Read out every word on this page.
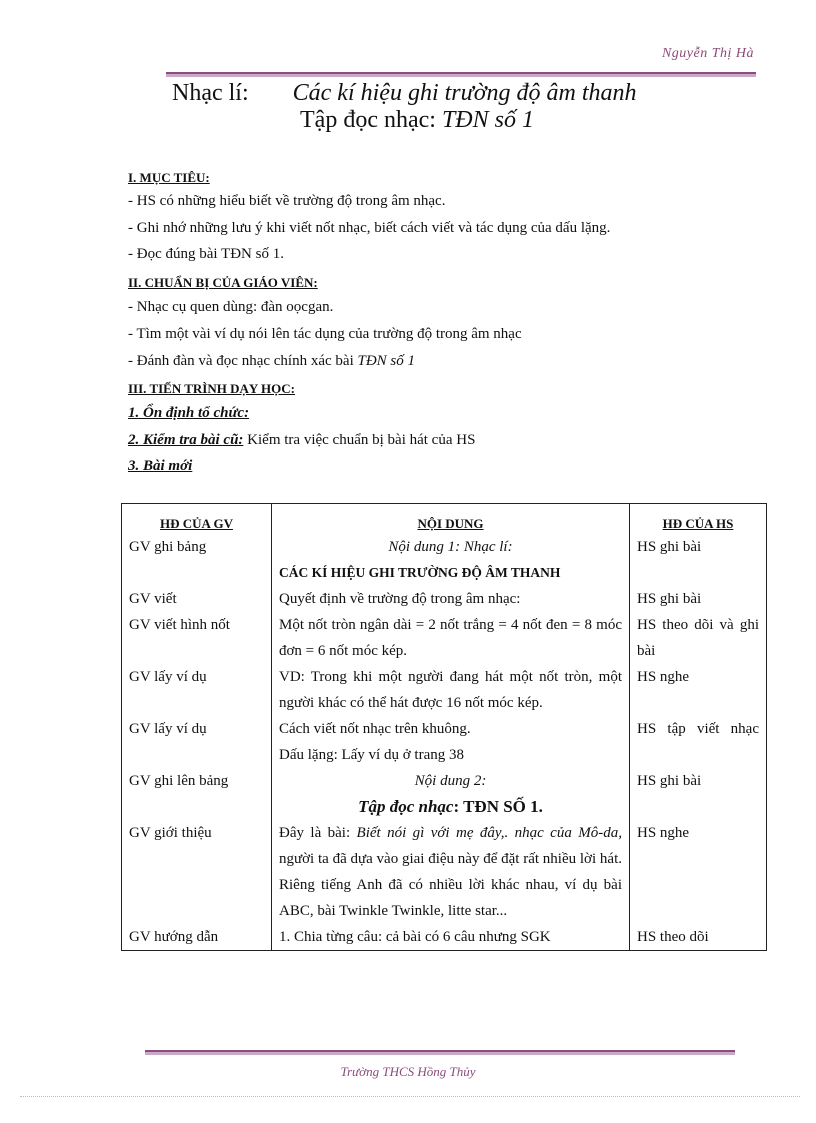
Nguyễn Thị Hà
Nhạc lí: Các kí hiệu ghi trường độ âm thanh
Tập đọc nhạc: TĐN số 1
I. MỤC TIÊU:
- HS có những hiểu biết về trường độ trong âm nhạc.
- Ghi nhớ những lưu ý khi viết nốt nhạc, biết cách viết và tác dụng của dấu lặng.
- Đọc đúng bài TĐN số 1.
II. CHUẨN BỊ CỦA GIÁO VIÊN:
- Nhạc cụ quen dùng: đàn oọcgan.
- Tìm một vài ví dụ nói lên tác dụng của trường độ trong âm nhạc
- Đánh đàn và đọc nhạc chính xác bài TĐN số 1
III. TIẾN TRÌNH DẠY HỌC:
1. Ổn định tổ chức:
2. Kiểm tra bài cũ: Kiểm tra việc chuẩn bị bài hát của HS
3. Bài mới
HĐ CỦA GV	NỘI DUNG	HĐ CỦA HS
GV ghi bảng	Nội dung 1: Nhạc lí:	HS ghi bài
	CÁC KÍ HIỆU GHI TRƯỜNG ĐỘ ÂM THANH	
GV viết	Quyết định về trường độ trong âm nhạc:	HS ghi bài
GV viết hình nốt	Một nốt tròn ngân dài = 2 nốt trắng = 4 nốt đen = 8 móc đơn = 6 nốt móc kép.	HS theo dõi và ghi bài
GV lấy ví dụ	VD: Trong khi một người đang hát một nốt tròn, một người khác có thể hát được 16 nốt móc kép.	HS nghe
GV lấy ví dụ	Cách viết nốt nhạc trên khuông.	HS tập viết nhạc
	Dấu lặng: Lấy ví dụ ở trang 38	
GV ghi lên bảng	Nội dung 2:	HS ghi bài
	Tập đọc nhạc: TĐN SỐ 1.	
GV giới thiệu	Đây là bài: Biết nói gì với mẹ đây,. nhạc của Mô-da, người ta đã dựa vào giai điệu này để đặt rất nhiều lời hát. Riêng tiếng Anh đã có nhiều lời khác nhau, ví dụ bài ABC, bài Twinkle Twinkle, litte star...	HS nghe
GV hướng dẫn	1. Chia từng câu: cả bài có 6 câu nhưng SGK	HS theo dõi
Trường THCS Hồng Thủy
